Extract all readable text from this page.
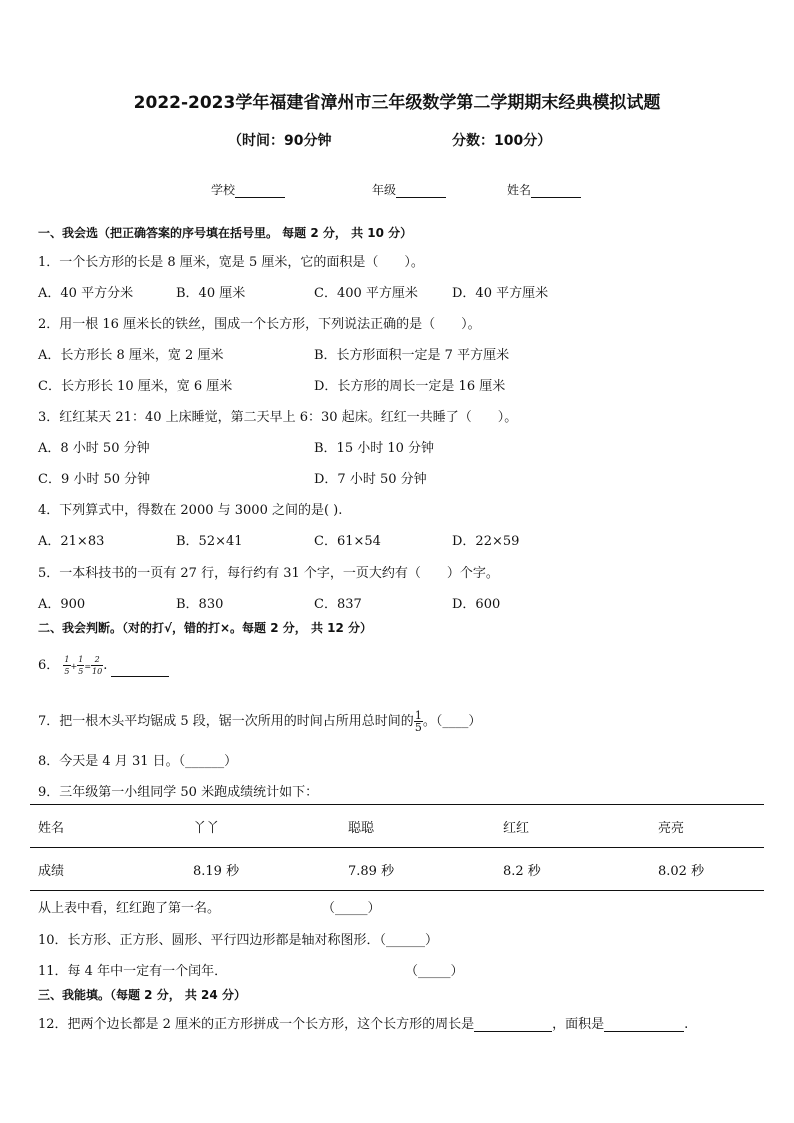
2022-2023学年福建省漳州市三年级数学第二学期期末经典模拟试题
（时间：90分钟	分数：100分）
学校	年级	姓名
一、我会选（把正确答案的序号填在括号里。 每题 2 分， 共 10 分）
1．一个长方形的长是 8 厘米，宽是 5 厘米，它的面积是（　　）。
A．40 平方分米	B．40 厘米	C．400 平方厘米	D．40 平方厘米
2．用一根 16 厘米长的铁丝，围成一个长方形，下列说法正确的是（　　）。
A．长方形长 8 厘米，宽 2 厘米	B．长方形面积一定是 7 平方厘米
C．长方形长 10 厘米，宽 6 厘米	D．长方形的周长一定是 16 厘米
3．红红某天 21：40 上床睡觉，第二天早上 6：30 起床。红红一共睡了（　　）。
A．8 小时 50 分钟	B．15 小时 10 分钟
C．9 小时 50 分钟	D．7 小时 50 分钟
4．下列算式中，得数在 2000 与 3000 之间的是( ).
A．21×83	B．52×41	C．61×54	D．22×59
5．一本科技书的一页有 27 行，每行约有 31 个字，一页大约有（　　）个字。
A．900	B．830	C．837	D．600
二、我会判断。（对的打√，错的打×。每题 2 分， 共 12 分）
6． $\frac{1}{5} + \frac{1}{5} = \frac{2}{10}$ .
7．把一根木头平均锯成 5 段，锯一次所用的时间占所用总时间的 $\frac{1}{5}$ 。（____）
8．今天是 4 月 31 日。（______）
9．三年级第一小组同学 50 米跑成绩统计如下：
姓名	丫丫	聪聪	红红	亮亮
成绩	8.19 秒	7.89 秒	8.2 秒	8.02 秒
从上表中看，红红跑了第一名。	（_____）
10．长方形、正方形、圆形、平行四边形都是轴对称图形．（______）
11．每 4 年中一定有一个闰年．	（_____）
三、我能填。（每题 2 分， 共 24 分）
12．把两个边长都是 2 厘米的正方形拼成一个长方形，这个长方形的周长是	，面积是	.
